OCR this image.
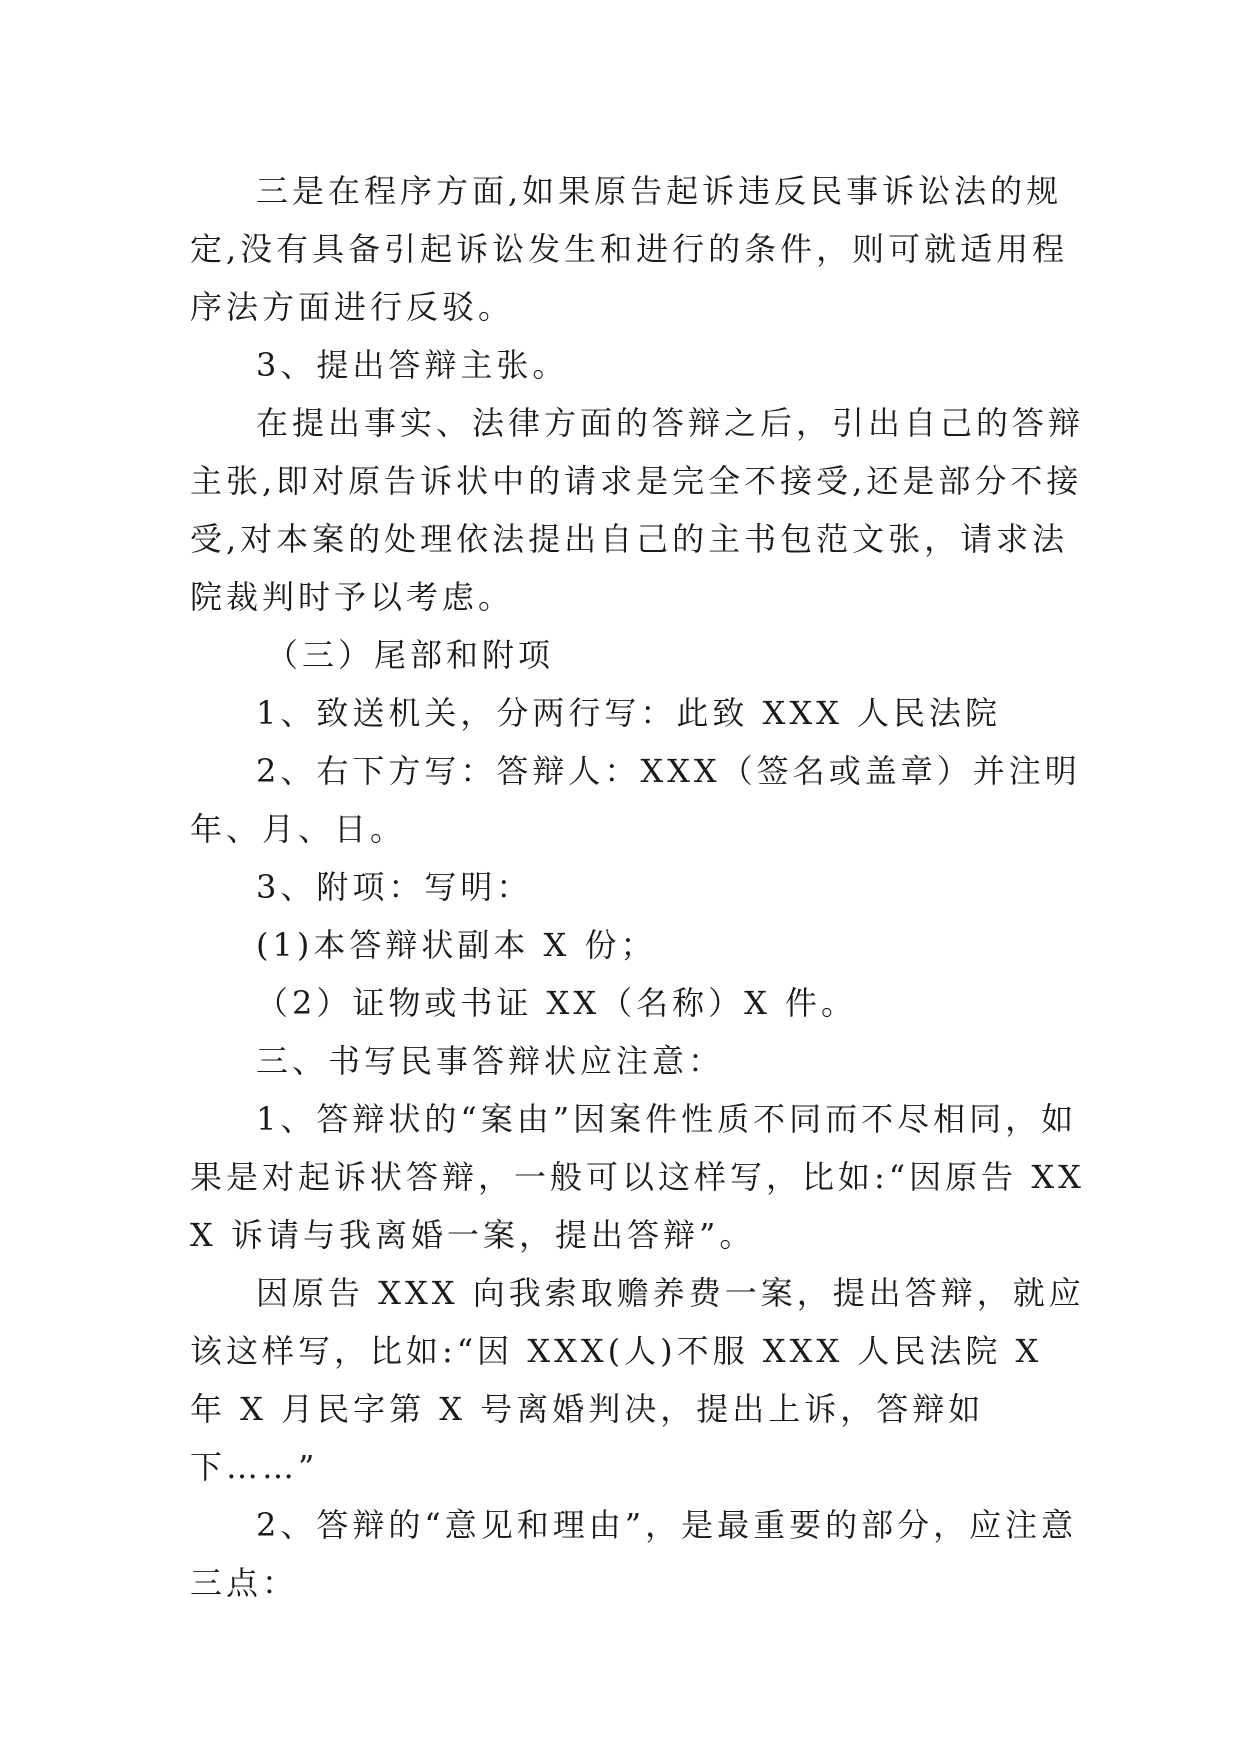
三是在程序方面,如果原告起诉违反民事诉讼法的规定,没有具备引起诉讼发生和进行的条件，则可就适用程序法方面进行反驳。

3、提出答辩主张。

在提出事实、法律方面的答辩之后，引出自己的答辩主张,即对原告诉状中的请求是完全不接受,还是部分不接受,对本案的处理依法提出自己的主书包范文张，请求法院裁判时予以考虑。

（三）尾部和附项

1、致送机关，分两行写：此致 XXX 人民法院

2、右下方写：答辩人：XXX（签名或盖章）并注明年、月、日。

3、附项：写明：

(1)本答辩状副本 X 份；

（2）证物或书证 XX（名称）X 件。

三、书写民事答辩状应注意：

1、答辩状的“案由”因案件性质不同而不尽相同，如果是对起诉状答辩，一般可以这样写，比如:“因原告 XXX 诉请与我离婚一案，提出答辩”。

因原告 XXX 向我索取赡养费一案，提出答辩，就应该这样写，比如:“因 XXX(人)不服 XXX 人民法院 X 年 X 月民字第 X 号离婚判决，提出上诉，答辩如下……”

2、答辩的“意见和理由”，是最重要的部分，应注意三点：
